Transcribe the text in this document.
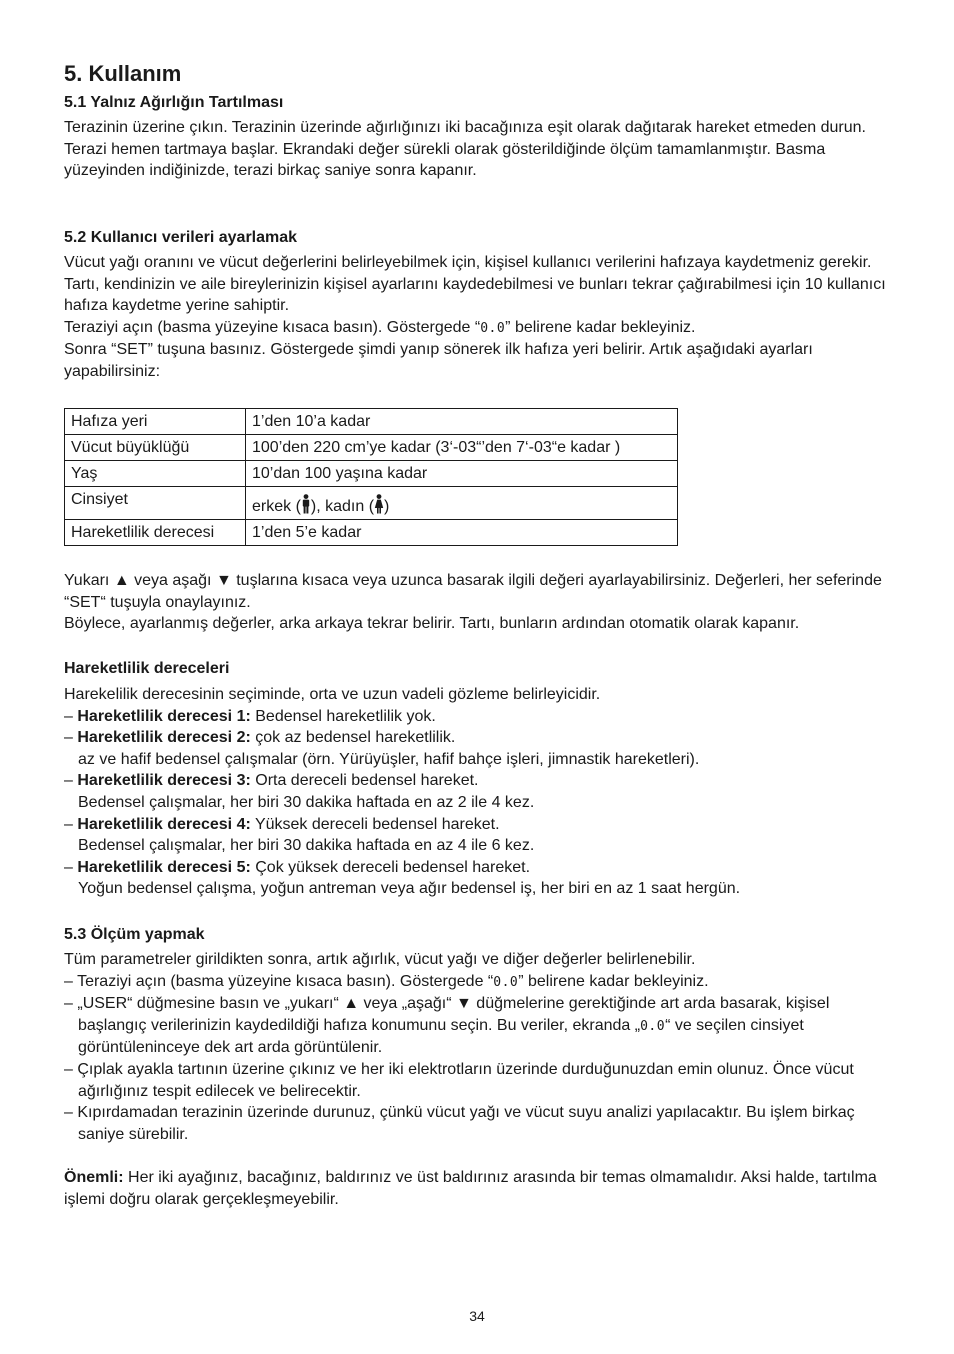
5. Kullanım
5.1 Yalnız Ağırlığın Tartılması

Terazinin üzerine çıkın. Terazinin üzerinde ağırlığınızı iki bacağınıza eşit olarak dağıtarak hareket etmeden durun.

Terazi hemen tartmaya başlar. Ekrandaki değer sürekli olarak gösterildiğinde ölçüm tamamlanmıştır. Basma yüzeyinden indiğinizde, terazi birkaç saniye sonra kapanır.

5.2 Kullanıcı verileri ayarlamak

Vücut yağı oranını ve vücut değerlerini belirleyebilmek için, kişisel kullanıcı verilerini hafızaya kaydetmeniz gerekir.

Tartı, kendinizin ve aile bireylerinizin kişisel ayarlarını kaydedebilmesi ve bunları tekrar çağırabilmesi için 10 kullanıcı hafıza kaydetme yerine sahiptir.

Teraziyi açın (basma yüzeyine kısaca basın). Göstergede “0.0” belirene kadar bekleyiniz.

Sonra “SET” tuşuna basınız. Göstergede şimdi yanıp sönerek ilk hafıza yeri belirir. Artık aşağıdaki ayarları yapabilirsiniz:

Hafıza yeri	1’den 10’a kadar
Vücut büyüklüğü	100’den 220 cm’ye kadar (3‘-03“’den 7‘-03“e kadar )
Yaş	10’dan 100 yaşına kadar
Cinsiyet	erkek ( ), kadın ( )
Hareketlilik derecesi	1’den 5’e kadar

Yukarı ▲ veya aşağı ▼ tuşlarına kısaca veya uzunca basarak ilgili değeri ayarlayabilirsiniz. Değerleri, her seferinde “SET“ tuşuyla onaylayınız.

Böylece, ayarlanmış değerler, arka arkaya tekrar belirir. Tartı, bunların ardından otomatik olarak kapanır.

Hareketlilik dereceleri

Harekelilik derecesinin seçiminde, orta ve uzun vadeli gözleme belirleyicidir.

– Hareketlilik derecesi 1: Bedensel hareketlilik yok.

– Hareketlilik derecesi 2: çok az bedensel hareketlilik.

az ve hafif bedensel çalışmalar (örn. Yürüyüşler, hafif bahçe işleri, jimnastik hareketleri).

– Hareketlilik derecesi 3: Orta dereceli bedensel hareket.

Bedensel çalışmalar, her biri 30 dakika haftada en az 2 ile 4 kez.

– Hareketlilik derecesi 4: Yüksek dereceli bedensel hareket.

Bedensel çalışmalar, her biri 30 dakika haftada en az 4 ile 6 kez.

– Hareketlilik derecesi 5: Çok yüksek dereceli bedensel hareket.

Yoğun bedensel çalışma, yoğun antreman veya ağır bedensel iş, her biri en az 1 saat hergün.

5.3 Ölçüm yapmak

Tüm parametreler girildikten sonra, artık ağırlık, vücut yağı ve diğer değerler belirlenebilir.

– Teraziyi açın (basma yüzeyine kısaca basın). Göstergede “0.0” belirene kadar bekleyiniz.

– „USER“ düğmesine basın ve „yukarı“ ▲ veya „aşağı“ ▼ düğmelerine gerektiğinde art arda basarak, kişisel başlangıç verilerinizin kaydedildiği hafıza konumunu seçin. Bu veriler, ekranda „0.0“ ve seçilen cinsiyet görüntüleninceye dek art arda görüntülenir.

– Çıplak ayakla tartının üzerine çıkınız ve her iki elektrotların üzerinde durduğunuzdan emin olunuz. Önce vücut ağırlığınız tespit edilecek ve belirecektir.

– Kıpırdamadan terazinin üzerinde durunuz, çünkü vücut yağı ve vücut suyu analizi yapılacaktır. Bu işlem birkaç saniye sürebilir.

Önemli: Her iki ayağınız, bacağınız, baldırınız ve üst baldırınız arasında bir temas olmamalıdır. Aksi halde, tartılma işlemi doğru olarak gerçekleşmeyebilir.

34
